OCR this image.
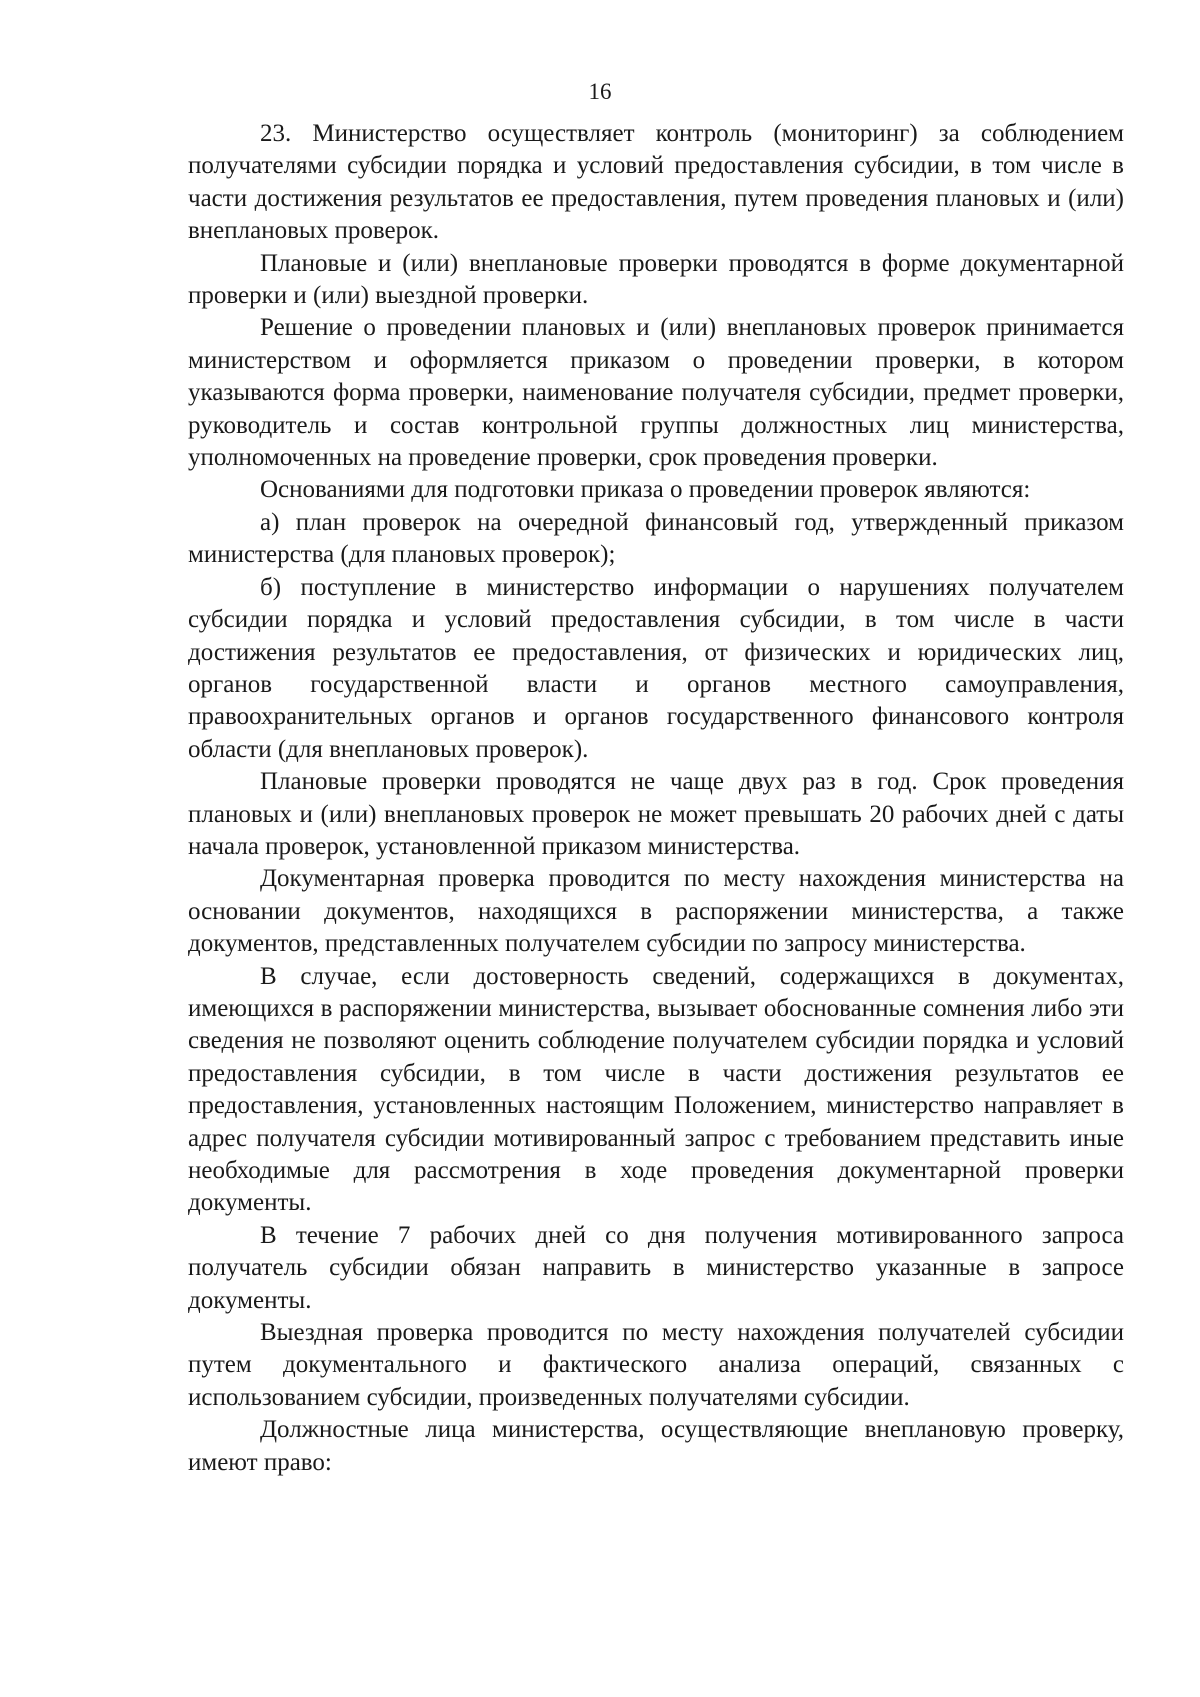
16

23. Министерство осуществляет контроль (мониторинг) за соблюдением получателями субсидии порядка и условий предоставления субсидии, в том числе в части достижения результатов ее предоставления, путем проведения плановых и (или) внеплановых проверок.

Плановые и (или) внеплановые проверки проводятся в форме документарной проверки и (или) выездной проверки.

Решение о проведении плановых и (или) внеплановых проверок принимается министерством и оформляется приказом о проведении проверки, в котором указываются форма проверки, наименование получателя субсидии, предмет проверки, руководитель и состав контрольной группы должностных лиц министерства, уполномоченных на проведение проверки, срок проведения проверки.

Основаниями для подготовки приказа о проведении проверок являются:

а) план проверок на очередной финансовый год, утвержденный приказом министерства (для плановых проверок);

б) поступление в министерство информации о нарушениях получателем субсидии порядка и условий предоставления субсидии, в том числе в части достижения результатов ее предоставления, от физических и юридических лиц, органов государственной власти и органов местного самоуправления, правоохранительных органов и органов государственного финансового контроля области (для внеплановых проверок).

Плановые проверки проводятся не чаще двух раз в год. Срок проведения плановых и (или) внеплановых проверок не может превышать 20 рабочих дней с даты начала проверок, установленной приказом министерства.

Документарная проверка проводится по месту нахождения министерства на основании документов, находящихся в распоряжении министерства, а также документов, представленных получателем субсидии по запросу министерства.

В случае, если достоверность сведений, содержащихся в документах, имеющихся в распоряжении министерства, вызывает обоснованные сомнения либо эти сведения не позволяют оценить соблюдение получателем субсидии порядка и условий предоставления субсидии, в том числе в части достижения результатов ее предоставления, установленных настоящим Положением, министерство направляет в адрес получателя субсидии мотивированный запрос с требованием представить иные необходимые для рассмотрения в ходе проведения документарной проверки документы.

В течение 7 рабочих дней со дня получения мотивированного запроса получатель субсидии обязан направить в министерство указанные в запросе документы.

Выездная проверка проводится по месту нахождения получателей субсидии путем документального и фактического анализа операций, связанных с использованием субсидии, произведенных получателями субсидии.

Должностные лица министерства, осуществляющие внеплановую проверку, имеют право:
